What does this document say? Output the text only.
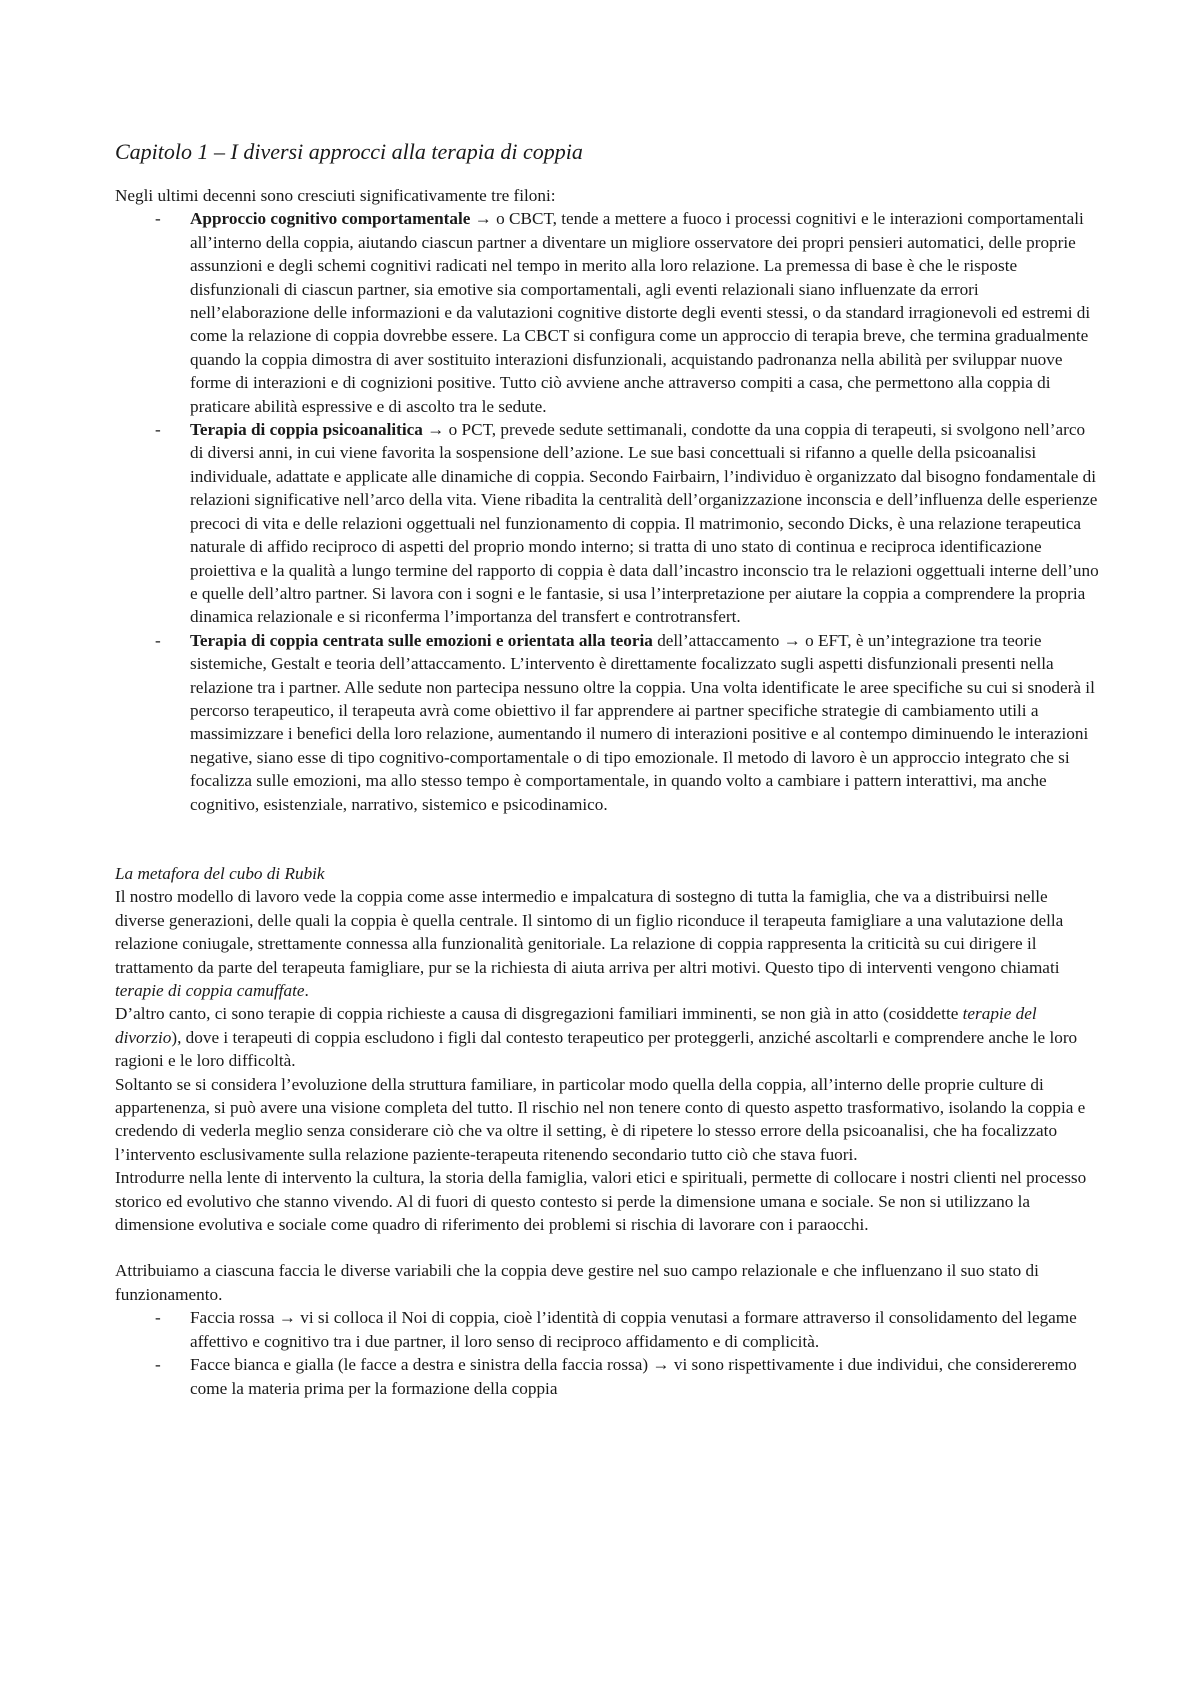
Capitolo 1 – I diversi approcci alla terapia di coppia

Negli ultimi decenni sono cresciuti significativamente tre filoni:

- Approccio cognitivo comportamentale → o CBCT, tende a mettere a fuoco i processi cognitivi e le interazioni comportamentali all’interno della coppia, aiutando ciascun partner a diventare un migliore osservatore dei propri pensieri automatici, delle proprie assunzioni e degli schemi cognitivi radicati nel tempo in merito alla loro relazione. La premessa di base è che le risposte disfunzionali di ciascun partner, sia emotive sia comportamentali, agli eventi relazionali siano influenzate da errori nell’elaborazione delle informazioni e da valutazioni cognitive distorte degli eventi stessi, o da standard irragionevoli ed estremi di come la relazione di coppia dovrebbe essere. La CBCT si configura come un approccio di terapia breve, che termina gradualmente quando la coppia dimostra di aver sostituito interazioni disfunzionali, acquistando padronanza nella abilità per sviluppar nuove forme di interazioni e di cognizioni positive. Tutto ciò avviene anche attraverso compiti a casa, che permettono alla coppia di praticare abilità espressive e di ascolto tra le sedute.
- Terapia di coppia psicoanalitica → o PCT, prevede sedute settimanali, condotte da una coppia di terapeuti, si svolgono nell’arco di diversi anni, in cui viene favorita la sospensione dell’azione. Le sue basi concettuali si rifanno a quelle della psicoanalisi individuale, adattate e applicate alle dinamiche di coppia. Secondo Fairbairn, l’individuo è organizzato dal bisogno fondamentale di relazioni significative nell’arco della vita. Viene ribadita la centralità dell’organizzazione inconscia e dell’influenza delle esperienze precoci di vita e delle relazioni oggettuali nel funzionamento di coppia. Il matrimonio, secondo Dicks, è una relazione terapeutica naturale di affido reciproco di aspetti del proprio mondo interno; si tratta di uno stato di continua e reciproca identificazione proiettiva e la qualità a lungo termine del rapporto di coppia è data dall’incastro inconscio tra le relazioni oggettuali interne dell’uno e quelle dell’altro partner. Si lavora con i sogni e le fantasie, si usa l’interpretazione per aiutare la coppia a comprendere la propria dinamica relazionale e si riconferma l’importanza del transfert e controtransfert.
- Terapia di coppia centrata sulle emozioni e orientata alla teoria dell’attaccamento → o EFT, è un’integrazione tra teorie sistemiche, Gestalt e teoria dell’attaccamento. L’intervento è direttamente focalizzato sugli aspetti disfunzionali presenti nella relazione tra i partner. Alle sedute non partecipa nessuno oltre la coppia. Una volta identificate le aree specifiche su cui si snoderà il percorso terapeutico, il terapeuta avrà come obiettivo il far apprendere ai partner specifiche strategie di cambiamento utili a massimizzare i benefici della loro relazione, aumentando il numero di interazioni positive e al contempo diminuendo le interazioni negative, siano esse di tipo cognitivo-comportamentale o di tipo emozionale. Il metodo di lavoro è un approccio integrato che si focalizza sulle emozioni, ma allo stesso tempo è comportamentale, in quando volto a cambiare i pattern interattivi, ma anche cognitivo, esistenziale, narrativo, sistemico e psicodinamico.

La metafora del cubo di Rubik

Il nostro modello di lavoro vede la coppia come asse intermedio e impalcatura di sostegno di tutta la famiglia, che va a distribuirsi nelle diverse generazioni, delle quali la coppia è quella centrale. Il sintomo di un figlio riconduce il terapeuta famigliare a una valutazione della relazione coniugale, strettamente connessa alla funzionalità genitoriale. La relazione di coppia rappresenta la criticità su cui dirigere il trattamento da parte del terapeuta famigliare, pur se la richiesta di aiuta arriva per altri motivi. Questo tipo di interventi vengono chiamati terapie di coppia camuffate.

D’altro canto, ci sono terapie di coppia richieste a causa di disgregazioni familiari imminenti, se non già in atto (cosiddette terapie del divorzio), dove i terapeuti di coppia escludono i figli dal contesto terapeutico per proteggerli, anziché ascoltarli e comprendere anche le loro ragioni e le loro difficoltà.

Soltanto se si considera l’evoluzione della struttura familiare, in particolar modo quella della coppia, all’interno delle proprie culture di appartenenza, si può avere una visione completa del tutto. Il rischio nel non tenere conto di questo aspetto trasformativo, isolando la coppia e credendo di vederla meglio senza considerare ciò che va oltre il setting, è di ripetere lo stesso errore della psicoanalisi, che ha focalizzato l’intervento esclusivamente sulla relazione paziente-terapeuta ritenendo secondario tutto ciò che stava fuori.

Introdurre nella lente di intervento la cultura, la storia della famiglia, valori etici e spirituali, permette di collocare i nostri clienti nel processo storico ed evolutivo che stanno vivendo. Al di fuori di questo contesto si perde la dimensione umana e sociale. Se non si utilizzano la dimensione evolutiva e sociale come quadro di riferimento dei problemi si rischia di lavorare con i paraocchi.

Attribuiamo a ciascuna faccia le diverse variabili che la coppia deve gestire nel suo campo relazionale e che influenzano il suo stato di funzionamento.

- Faccia rossa → vi si colloca il Noi di coppia, cioè l’identità di coppia venutasi a formare attraverso il consolidamento del legame affettivo e cognitivo tra i due partner, il loro senso di reciproco affidamento e di complicità.
- Facce bianca e gialla (le facce a destra e sinistra della faccia rossa) → vi sono rispettivamente i due individui, che considereremo come la materia prima per la formazione della coppia
